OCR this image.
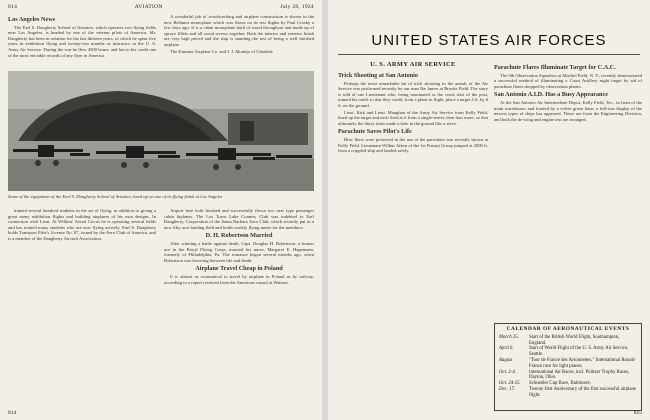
814	AVIATION	July 28, 1924
Los Angeles News

The Earl S. Daugherty School of Aviation, which operates two flying fields near Los Angeles, is headed by one of the veteran pilots of America. Mr. Daugherty has been in aviation for the last thirteen years, of which he spent five years in exhibition flying and twenty-two months as instructor in the U. S. Army Air Service. During the war he flew 4500 hours, and has to his credit one of the most enviable records of any flyer in America.

A wonderful job of woodworking and airplane construction is shown in the new Bellanca monoplane which was flown on its test flights by Paul Crosby a few days ago. It is a cabin monoplane built of wood throughout and made up of spruce fillets and all wood screws together. Both the interior and exterior finish are very high priced and the ship is standing the test of being a well finished airplane.

The Kimmer Airplane Co. and J. J. Montijo of Glendale

Some of the equipment of the Earl S. Daugherty School of Aviation, lined up on one of its flying fields at Los Angeles

trained several hundred students in the art of flying, in addition to giving a great many exhibition flights and building airplanes of his own designs. In connection with Lieut. Al Wilkins' Aerial Circus he is operating several fields and has trained many students who are now flying actively. Earl S. Daugherty holds Transport Pilot's License No. 87, issued by the Aero Club of America, and is a member of the Daugherty Aircraft Association.

Airport here both finished and successfully flown two new type passenger cabin biplanes. The Los Toros Lake Country Club was indebted to Earl Daugherty, Corporation of the Santa Barbara Aero Club, which recently put in a new fifty acre landing field and holds weekly flying meets for the members.

D. H. Robertson Married

After winning a battle against death, Capt. Douglas H. Robertson, a former ace in the Royal Flying Corps, married his nurse, Margaret E. Hagemann, formerly of Philadelphia, Pa. The romance began several months ago, when Robertson was hovering between life and death.

Airplane Travel Cheap in Poland

It is almost as economical to travel by airplane in Poland as by railway, according to a report received from the American consul at Warsaw.

814
UNITED STATES AIR FORCES
U. S. ARMY AIR SERVICE
Trick Shooting at San Antonio

Perhaps the most remarkable bit of trick shooting in the annals of the Air Service was performed recently by our man Ike James at Brooks Field. The story is told of one Lieutenant who, being nominated as the crack shot of the post, trained his outfit so that they could, from a plane in flight, place a target 4 ft. by 6 ft. on the ground.

Lieut. Kirk and Lieut. Maughan of the Army Air Service from Kelly Field, lined up the target and each fired at it from a single-seater, then four more, so that ultimately the thirty shots made a hole in the ground like a sieve.

Parachute Saves Pilot's Life

How fliers were protected in the use of the parachute was recently shown at Kelly Field. Lieutenant Wilbur Aiken of the 1st Pursuit Group jumped at 2000 ft. from a crippled ship and landed safely.

Parachute Flares Illuminate Target for C.A.C.

The 9th Observation Squadron at Mitchel Field, N. Y., recently demonstrated a successful method of illuminating a Coast Artillery night target by aid of parachute flares dropped by observation planes.

San Antonio A.I.D. Has a Busy Appearance

At the San Antonio Air Intermediate Depot, Kelly Field, Tex., in front of the main warehouses and fronted by a velvet green lawn, a full-size display of the newest types of ships has appeared. These are from the Engineering Division, and both the de-icing and engine test are arranged.

CALENDAR OF AERONAUTICAL EVENTS
March 25.	Start of the British World Flight, Southampton, England.
April 6.	Start of World Flight of the U. S. Army Air Service, Seattle.
August	"Tour de France des Avionnettes," International Round-France race for light planes.
Oct. 2-4.	International Air Races, incl. Pulitzer Trophy Races, Dayton, Ohio.
Oct. 24-25.	Schneider Cup Race, Baltimore.
Dec. 17.	Twenty-first Anniversary of the first successful airplane flight.
815
